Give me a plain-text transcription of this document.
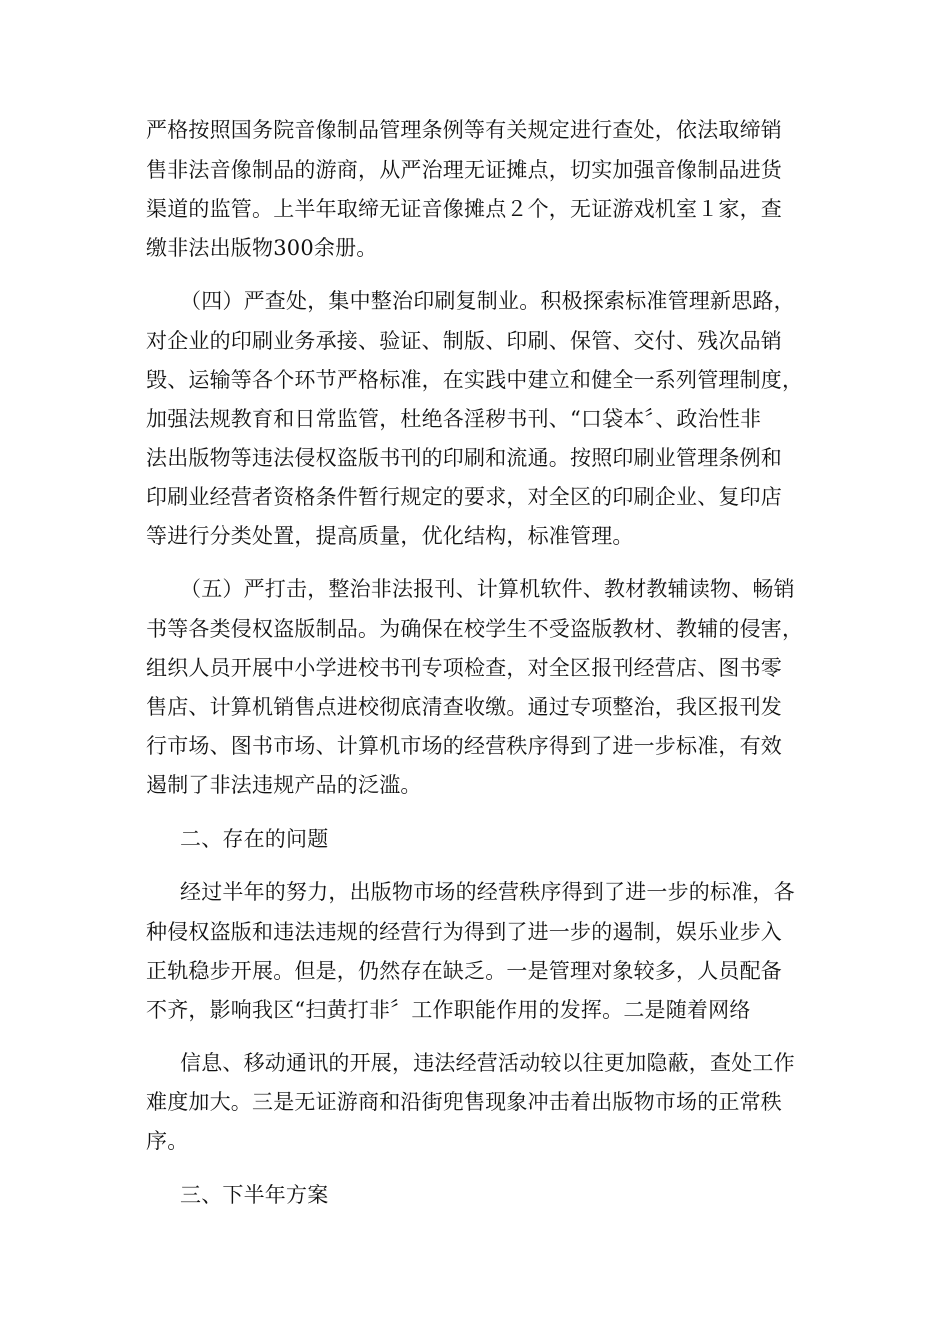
严格按照国务院音像制品管理条例等有关规定进行查处，依法取缔销
售非法音像制品的游商，从严治理无证摊点，切实加强音像制品进货
渠道的监管。上半年取缔无证音像摊点２个，无证游戏机室１家，查
缴非法出版物300余册。
（四）严查处，集中整治印刷复制业。积极探索标准管理新思路，
对企业的印刷业务承接、验证、制版、印刷、保管、交付、残次品销
毁、运输等各个环节严格标准，在实践中建立和健全一系列管理制度，
加强法规教育和日常监管，杜绝各淫秽书刊、“口袋本〞、政治性非
法出版物等违法侵权盗版书刊的印刷和流通。按照印刷业管理条例和
印刷业经营者资格条件暂行规定的要求，对全区的印刷企业、复印店
等进行分类处置，提高质量，优化结构，标准管理。
（五）严打击，整治非法报刊、计算机软件、教材教辅读物、畅销
书等各类侵权盗版制品。为确保在校学生不受盗版教材、教辅的侵害，
组织人员开展中小学进校书刊专项检查，对全区报刊经营店、图书零
售店、计算机销售点进校彻底清查收缴。通过专项整治，我区报刊发
行市场、图书市场、计算机市场的经营秩序得到了进一步标准，有效
遏制了非法违规产品的泛滥。
二、存在的问题
经过半年的努力，出版物市场的经营秩序得到了进一步的标准，各
种侵权盗版和违法违规的经营行为得到了进一步的遏制，娱乐业步入
正轨稳步开展。但是，仍然存在缺乏。一是管理对象较多，人员配备
不齐，影响我区“扫黄打非〞工作职能作用的发挥。二是随着网络
信息、移动通讯的开展，违法经营活动较以往更加隐蔽，查处工作
难度加大。三是无证游商和沿街兜售现象冲击着出版物市场的正常秩
序。
三、下半年方案
